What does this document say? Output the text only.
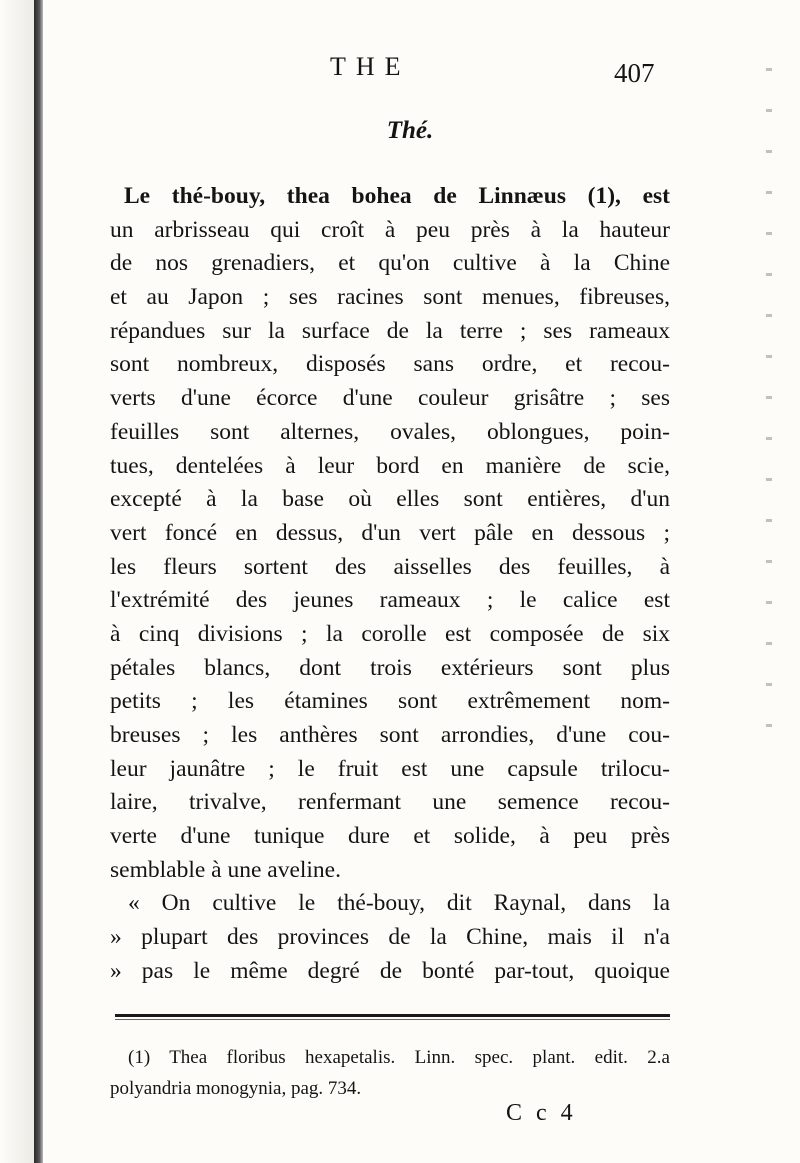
THE	407
Thé.
Le thé-bouy, thea bohea de Linnæus (1), est
un arbrisseau qui croît à peu près à la hauteur
de nos grenadiers, et qu'on cultive à la Chine
et au Japon ; ses racines sont menues, fibreuses,
répandues sur la surface de la terre ; ses rameaux
sont nombreux, disposés sans ordre, et recou-
verts d'une écorce d'une couleur grisâtre ; ses
feuilles sont alternes, ovales, oblongues, poin-
tues, dentelées à leur bord en manière de scie,
excepté à la base où elles sont entières, d'un
vert foncé en dessus, d'un vert pâle en dessous ;
les fleurs sortent des aisselles des feuilles, à
l'extrémité des jeunes rameaux ; le calice est
à cinq divisions ; la corolle est composée de six
pétales blancs, dont trois extérieurs sont plus
petits ; les étamines sont extrêmement nom-
breuses ; les anthères sont arrondies, d'une cou-
leur jaunâtre ; le fruit est une capsule trilocu-
laire, trivalve, renfermant une semence recou-
verte d'une tunique dure et solide, à peu près
semblable à une aveline.
« On cultive le thé-bouy, dit Raynal, dans la
» plupart des provinces de la Chine, mais il n'a
» pas le même degré de bonté par-tout, quoique
(1) Thea floribus hexapetalis. Linn. spec. plant. edit. 2.a
polyandria monogynia, pag. 734.
C c 4
